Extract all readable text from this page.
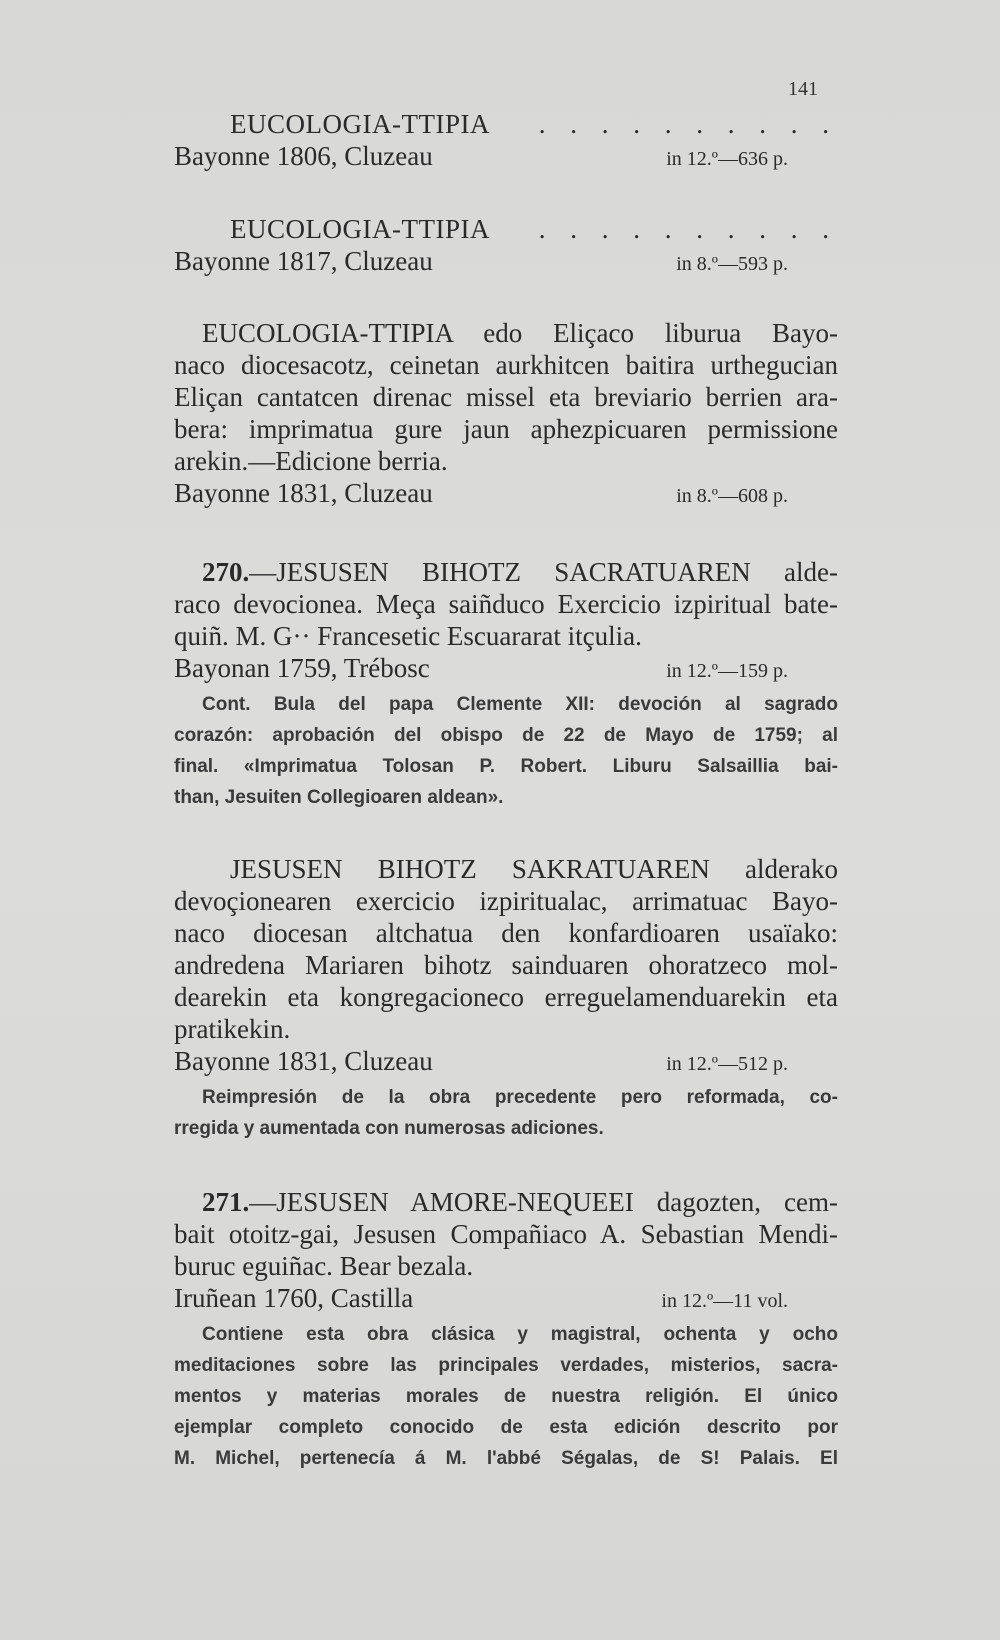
141
EUCOLOGIA-TTIPIA . . . . . . . . . .
Bayonne 1806, Cluzeau	in 12.º—636 p.
EUCOLOGIA-TTIPIA . . . . . . . . . .
Bayonne 1817, Cluzeau	in 8.º—593 p.
EUCOLOGIA-TTIPIA edo Eliçaco liburua Bayo-
naco diocesacotz, ceinetan aurkhitcen baitira urthegucian
Eliçan cantatcen direnac missel eta breviario berrien ara-
bera: imprimatua gure jaun aphezpicuaren permissione
arekin.—Edicione berria.
Bayonne 1831, Cluzeau	in 8.º—608 p.
270.—JESUSEN BIHOTZ SACRATUAREN alde-
raco devocionea. Meça saiñduco Exercicio izpiritual bate-
quiñ. M. G·· Francesetic Escuararat itçulia.
Bayonan 1759, Trébosc	in 12.º—159 p.
Cont. Bula del papa Clemente XII: devoción al sagrado
corazón: aprobación del obispo de 22 de Mayo de 1759; al
final. «Imprimatua Tolosan P. Robert. Liburu Salsaillia bai-
than, Jesuiten Collegioaren aldean».
JESUSEN BIHOTZ SAKRATUAREN alderako
devoçionearen exercicio izpiritualac, arrimatuac Bayo-
naco diocesan altchatua den konfardioaren usaïako:
andredena Mariaren bihotz sainduaren ohoratzeco mol-
dearekin eta kongregacioneco erreguelamenduarekin eta
pratikekin.
Bayonne 1831, Cluzeau	in 12.º—512 p.
Reimpresión de la obra precedente pero reformada, co-
rregida y aumentada con numerosas adiciones.
271.—JESUSEN AMORE-NEQUEEI dagozten, cem-
bait otoitz-gai, Jesusen Compañiaco A. Sebastian Mendi-
buruc eguiñac. Bear bezala.
Iruñean 1760, Castilla	in 12.º—11 vol.
Contiene esta obra clásica y magistral, ochenta y ocho
meditaciones sobre las principales verdades, misterios, sacra-
mentos y materias morales de nuestra religión. El único
ejemplar completo conocido de esta edición descrito por
M. Michel, pertenecía á M. l'abbé Ségalas, de S! Palais. El
